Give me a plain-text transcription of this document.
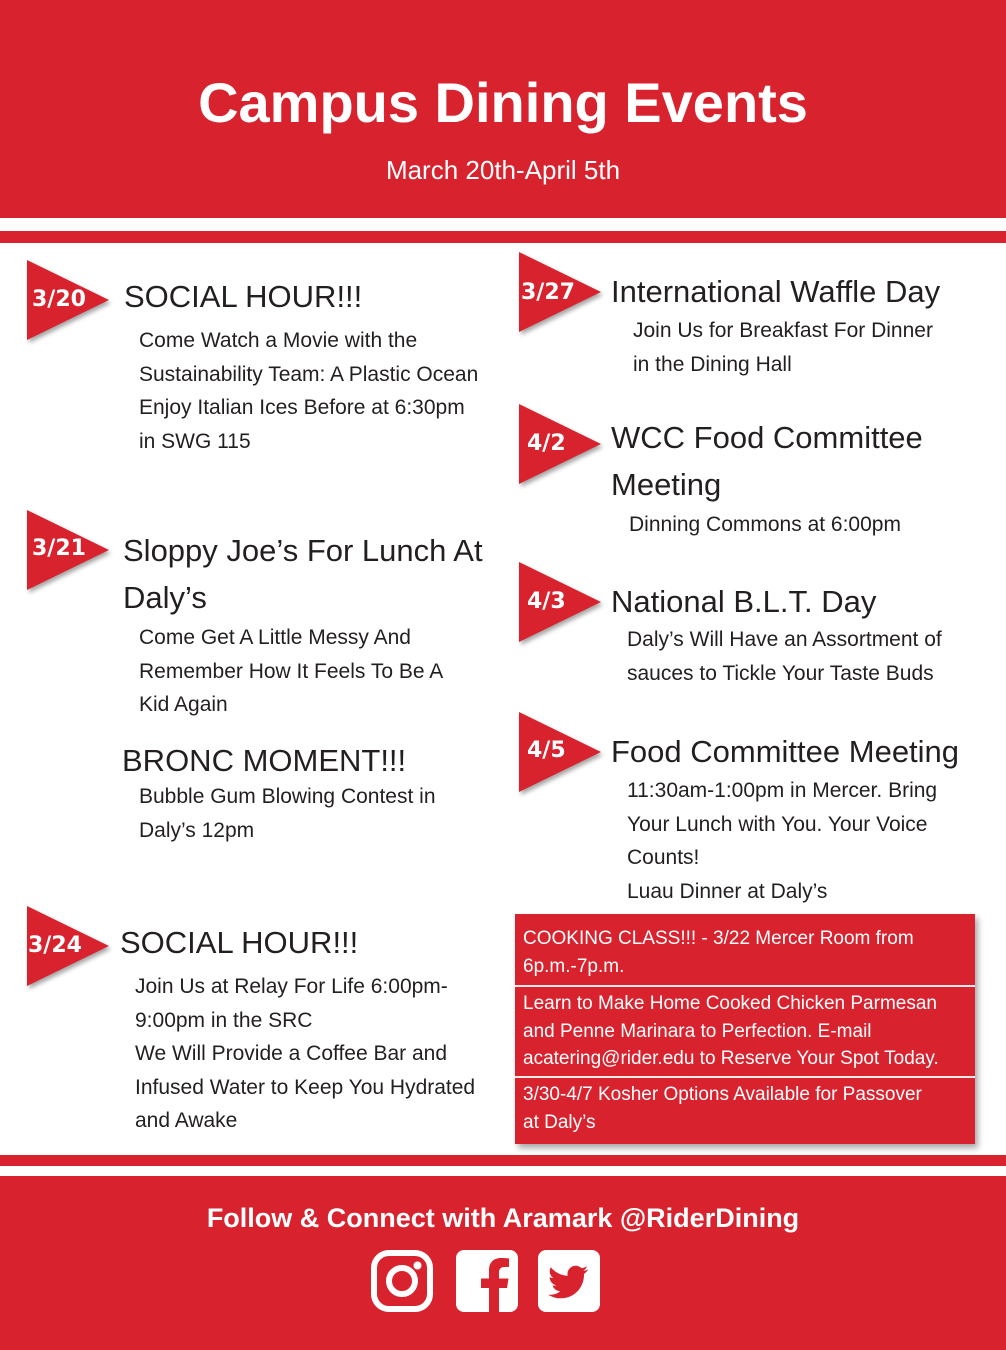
Campus Dining Events
March 20th-April 5th
3/20 SOCIAL HOUR!!!
Come Watch a Movie with the
Sustainability Team: A Plastic Ocean
Enjoy Italian Ices Before at 6:30pm
in SWG 115
3/21 Sloppy Joe’s For Lunch At
Daly’s
Come Get A Little Messy And
Remember How It Feels To Be A
Kid Again
BRONC MOMENT!!!
Bubble Gum Blowing Contest in
Daly’s 12pm
3/24 SOCIAL HOUR!!!
Join Us at Relay For Life 6:00pm-
9:00pm in the SRC
We Will Provide a Coffee Bar and
Infused Water to Keep You Hydrated
and Awake
3/27 International Waffle Day
Join Us for Breakfast For Dinner
in the Dining Hall
4/2 WCC Food Committee
Meeting
Dinning Commons at 6:00pm
4/3 National B.L.T. Day
Daly’s Will Have an Assortment of
sauces to Tickle Your Taste Buds
4/5 Food Committee Meeting
11:30am-1:00pm in Mercer. Bring
Your Lunch with You. Your Voice
Counts!
Luau Dinner at Daly’s
COOKING CLASS!!! - 3/22 Mercer Room from
6p.m.-7p.m.
Learn to Make Home Cooked Chicken Parmesan
and Penne Marinara to Perfection. E-mail
acatering@rider.edu to Reserve Your Spot Today.
3/30-4/7 Kosher Options Available for Passover
at Daly’s
Follow & Connect with Aramark @RiderDining
